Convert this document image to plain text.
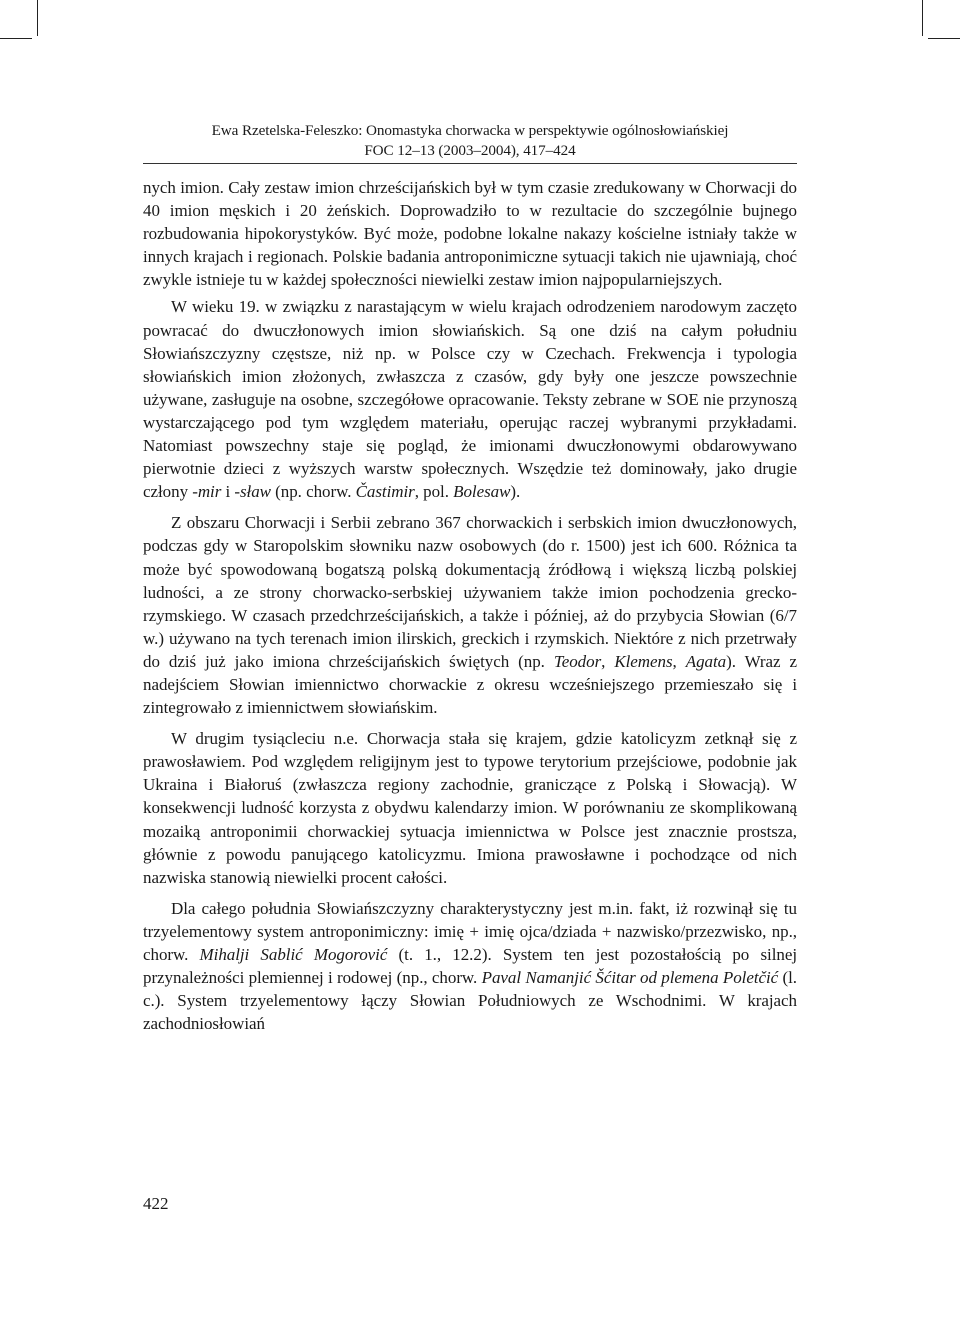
Ewa Rzetelska-Feleszko: Onomastyka chorwacka w perspektywie ogólnosłowiańskiej
FOC 12–13 (2003–2004), 417–424

nych imion. Cały zestaw imion chrześcijańskich był w tym czasie zredukowany w Chorwacji do 40 imion męskich i 20 żeńskich. Doprowadziło to w rezultacie do szczególnie bujnego rozbudowania hipokorystyków. Być może, podobne lokalne nakazy kościelne istniały także w innych krajach i regionach. Polskie badania antroponimiczne sytuacji takich nie ujawniają, choć zwykle istnieje tu w każdej społeczności niewielki zestaw imion najpopularniejszych.

W wieku 19. w związku z narastającym w wielu krajach odrodzeniem narodowym zaczęto powracać do dwuczłonowych imion słowiańskich. Są one dziś na całym południu Słowiańszczyzny częstsze, niż np. w Polsce czy w Czechach. Frekwencja i typologia słowiańskich imion złożonych, zwłaszcza z czasów, gdy były one jeszcze powszechnie używane, zasługuje na osobne, szczegółowe opracowanie. Teksty zebrane w SOE nie przynoszą wystarczającego pod tym względem materiału, operując raczej wybranymi przykładami. Natomiast powszechny staje się pogląd, że imionami dwuczłonowymi obdarowywano pierwotnie dzieci z wyższych warstw społecznych. Wszędzie też dominowały, jako drugie człony -mir i -sław (np. chorw. Častimir, pol. Bolesaw).

Z obszaru Chorwacji i Serbii zebrano 367 chorwackich i serbskich imion dwuczłonowych, podczas gdy w Staropolskim słowniku nazw osobowych (do r. 1500) jest ich 600. Różnica ta może być spowodowaną bogatszą polską dokumentacją źródłową i większą liczbą polskiej ludności, a ze strony chorwacko-serbskiej używaniem także imion pochodzenia grecko-rzymskiego. W czasach przedchrześcijańskich, a także i później, aż do przybycia Słowian (6/7 w.) używano na tych terenach imion ilirskich, greckich i rzymskich. Niektóre z nich przetrwały do dziś już jako imiona chrześcijańskich świętych (np. Teodor, Klemens, Agata). Wraz z nadejściem Słowian imiennictwo chorwackie z okresu wcześniejszego przemieszało się i zintegrowało z imiennictwem słowiańskim.

W drugim tysiącleciu n.e. Chorwacja stała się krajem, gdzie katolicyzm zetknął się z prawosławiem. Pod względem religijnym jest to typowe terytorium przejściowe, podobnie jak Ukraina i Białoruś (zwłaszcza regiony zachodnie, graniczące z Polską i Słowacją). W konsekwencji ludność korzysta z obydwu kalendarzy imion. W porównaniu ze skomplikowaną mozaiką antroponimii chorwackiej sytuacja imiennictwa w Polsce jest znacznie prostsza, głównie z powodu panującego katolicyzmu. Imiona prawosławne i pochodzące od nich nazwiska stanowią niewielki procent całości.

Dla całego południa Słowiańszczyzny charakterystyczny jest m.in. fakt, iż rozwinął się tu trzyelementowy system antroponimiczny: imię + imię ojca/dziada + nazwisko/przezwisko, np., chorw. Mihalji Sablić Mogorović (t. 1., 12.2). System ten jest pozostałością po silnej przynależności plemiennej i rodowej (np., chorw. Paval Namanjić Šćitar od plemena Poletčić (l. c.). System trzyelementowy łączy Słowian Południowych ze Wschodnimi. W krajach zachodniosłowiań

422
